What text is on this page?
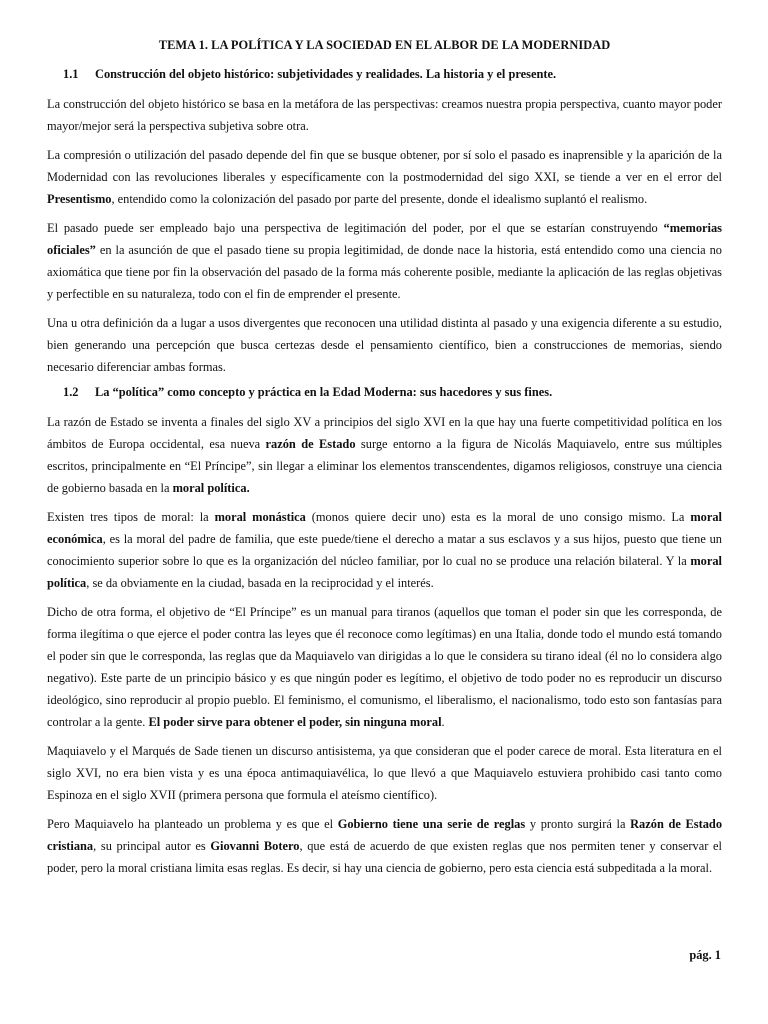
TEMA 1. LA POLÍTICA Y LA SOCIEDAD EN EL ALBOR DE LA MODERNIDAD
1.1	Construcción del objeto histórico: subjetividades y realidades. La historia y el presente.

La construcción del objeto histórico se basa en la metáfora de las perspectivas: creamos nuestra propia perspectiva, cuanto mayor poder mayor/mejor será la perspectiva subjetiva sobre otra.

La compresión o utilización del pasado depende del fin que se busque obtener, por sí solo el pasado es inaprensible y la aparición de la Modernidad con las revoluciones liberales y específicamente con la postmodernidad del sigo XXI, se tiende a ver en el error del Presentismo, entendido como la colonización del pasado por parte del presente, donde el idealismo suplantó el realismo.

El pasado puede ser empleado bajo una perspectiva de legitimación del poder, por el que se estarían construyendo “memorias oficiales” en la asunción de que el pasado tiene su propia legitimidad, de donde nace la historia, está entendido como una ciencia no axiomática que tiene por fin la observación del pasado de la forma más coherente posible, mediante la aplicación de las reglas objetivas y perfectible en su naturaleza, todo con el fin de emprender el presente.

Una u otra definición da a lugar a usos divergentes que reconocen una utilidad distinta al pasado y una exigencia diferente a su estudio, bien generando una percepción que busca certezas desde el pensamiento científico, bien a construcciones de memorias, siendo necesario diferenciar ambas formas.

1.2	La “política” como concepto y práctica en la Edad Moderna: sus hacedores y sus fines.

La razón de Estado se inventa a finales del siglo XV a principios del siglo XVI en la que hay una fuerte competitividad política en los ámbitos de Europa occidental, esa nueva razón de Estado surge entorno a la figura de Nicolás Maquiavelo, entre sus múltiples escritos, principalmente en “El Príncipe”, sin llegar a eliminar los elementos transcendentes, digamos religiosos, construye una ciencia de gobierno basada en la moral política.

Existen tres tipos de moral: la moral monástica (monos quiere decir uno) esta es la moral de uno consigo mismo. La moral económica, es la moral del padre de familia, que este puede/tiene el derecho a matar a sus esclavos y a sus hijos, puesto que tiene un conocimiento superior sobre lo que es la organización del núcleo familiar, por lo cual no se produce una relación bilateral. Y la moral política, se da obviamente en la ciudad, basada en la reciprocidad y el interés.

Dicho de otra forma, el objetivo de “El Príncipe” es un manual para tiranos (aquellos que toman el poder sin que les corresponda, de forma ilegítima o que ejerce el poder contra las leyes que él reconoce como legítimas) en una Italia, donde todo el mundo está tomando el poder sin que le corresponda, las reglas que da Maquiavelo van dirigidas a lo que le considera su tirano ideal (él no lo considera algo negativo). Este parte de un principio básico y es que ningún poder es legítimo, el objetivo de todo poder no es reproducir un discurso ideológico, sino reproducir al propio pueblo. El feminismo, el comunismo, el liberalismo, el nacionalismo, todo esto son fantasías para controlar a la gente. El poder sirve para obtener el poder, sin ninguna moral.

Maquiavelo y el Marqués de Sade tienen un discurso antisistema, ya que consideran que el poder carece de moral. Esta literatura en el siglo XVI, no era bien vista y es una época antimaquiavélica, lo que llevó a que Maquiavelo estuviera prohibido casi tanto como Espinoza en el siglo XVII (primera persona que formula el ateísmo científico).

Pero Maquiavelo ha planteado un problema y es que el Gobierno tiene una serie de reglas y pronto surgirá la Razón de Estado cristiana, su principal autor es Giovanni Botero, que está de acuerdo de que existen reglas que nos permiten tener y conservar el poder, pero la moral cristiana limita esas reglas. Es decir, si hay una ciencia de gobierno, pero esta ciencia está subpeditada a la moral.

pág. 1
